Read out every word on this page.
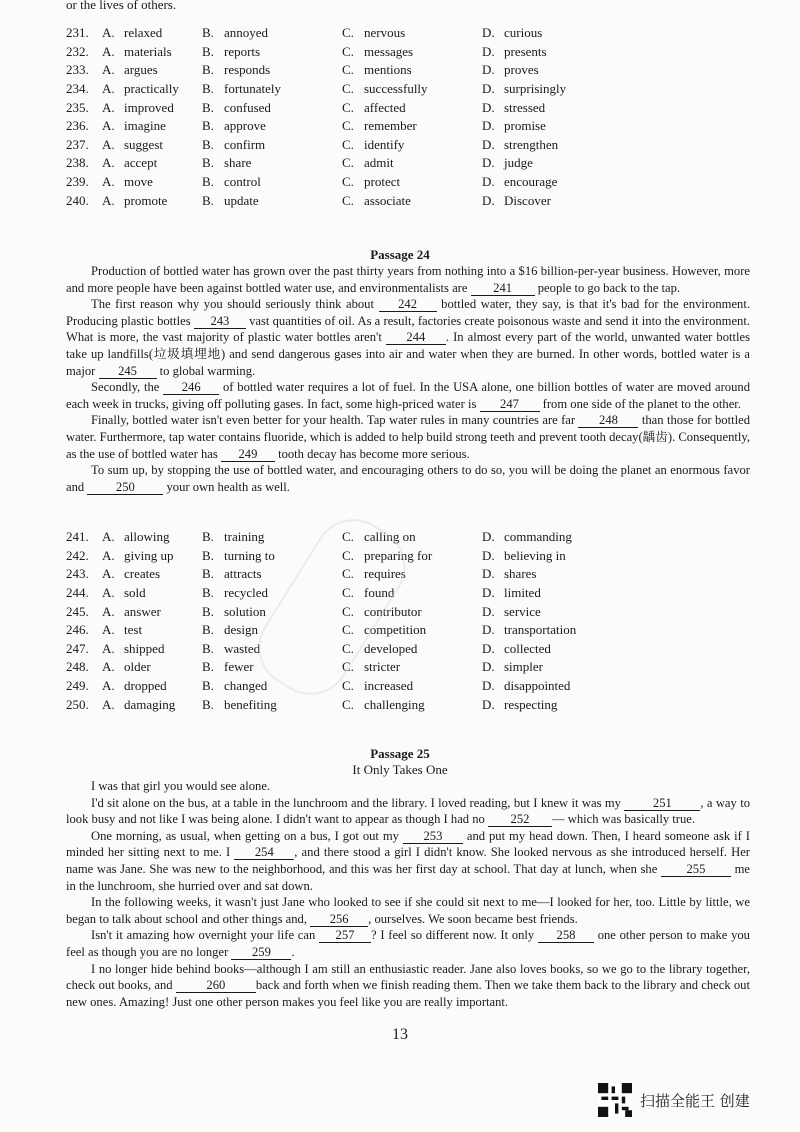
or the lives of others.
231.	A.	relaxed	B.	annoyed	C.	nervous	D.	curious
232.	A.	materials	B.	reports	C.	messages	D.	presents
233.	A.	argues	B.	responds	C.	mentions	D.	proves
234.	A.	practically	B.	fortunately	C.	successfully	D.	surprisingly
235.	A.	improved	B.	confused	C.	affected	D.	stressed
236.	A.	imagine	B.	approve	C.	remember	D.	promise
237.	A.	suggest	B.	confirm	C.	identify	D.	strengthen
238.	A.	accept	B.	share	C.	admit	D.	judge
239.	A.	move	B.	control	C.	protect	D.	encourage
240.	A.	promote	B.	update	C.	associate	D.	Discover
Passage 24

Production of bottled water has grown over the past thirty years from nothing into a $16 billion-per-year business. However, more and more people have been against bottled water use, and environmentalists are 241 people to go back to the tap.

The first reason why you should seriously think about 242 bottled water, they say, is that it's bad for the environment. Producing plastic bottles 243 vast quantities of oil. As a result, factories create poisonous waste and send it into the environment. What is more, the vast majority of plastic water bottles aren't 244 . In almost every part of the world, unwanted water bottles take up landfills(垃圾填埋地) and send dangerous gases into air and water when they are burned. In other words, bottled water is a major 245 to global warming.

Secondly, the 246 of bottled water requires a lot of fuel. In the USA alone, one billion bottles of water are moved around each week in trucks, giving off polluting gases. In fact, some high-priced water is 247 from one side of the planet to the other.

Finally, bottled water isn't even better for your health. Tap water rules in many countries are far 248 than those for bottled water. Furthermore, tap water contains fluoride, which is added to help build strong teeth and prevent tooth decay(龋齿). Consequently, as the use of bottled water has 249 tooth decay has become more serious.

To sum up, by stopping the use of bottled water, and encouraging others to do so, you will be doing the planet an enormous favor and 250 your own health as well.

241.	A.	allowing	B.	training	C.	calling on	D.	commanding
242.	A.	giving up	B.	turning to	C.	preparing for	D.	believing in
243.	A.	creates	B.	attracts	C.	requires	D.	shares
244.	A.	sold	B.	recycled	C.	found	D.	limited
245.	A.	answer	B.	solution	C.	contributor	D.	service
246.	A.	test	B.	design	C.	competition	D.	transportation
247.	A.	shipped	B.	wasted	C.	developed	D.	collected
248.	A.	older	B.	fewer	C.	stricter	D.	simpler
249.	A.	dropped	B.	changed	C.	increased	D.	disappointed
250.	A.	damaging	B.	benefiting	C.	challenging	D.	respecting
Passage 25
It Only Takes One

I was that girl you would see alone.

I'd sit alone on the bus, at a table in the lunchroom and the library. I loved reading, but I knew it was my 251 , a way to look busy and not like I was being alone. I didn't want to appear as though I had no 252 — which was basically true.

One morning, as usual, when getting on a bus, I got out my 253 and put my head down. Then, I heard someone ask if I minded her sitting next to me. I 254 , and there stood a girl I didn't know. She looked nervous as she introduced herself. Her name was Jane. She was new to the neighborhood, and this was her first day at school. That day at lunch, when she 255 me in the lunchroom, she hurried over and sat down.

In the following weeks, it wasn't just Jane who looked to see if she could sit next to me—I looked for her, too. Little by little, we began to talk about school and other things and, 256 , ourselves. We soon became best friends.

Isn't it amazing how overnight your life can 257 ? I feel so different now. It only 258 one other person to make you feel as though you are no longer 259 .

I no longer hide behind books—although I am still an enthusiastic reader. Jane also loves books, so we go to the library together, check out books, and 260 back and forth when we finish reading them. Then we take them back to the library and check out new ones. Amazing! Just one other person makes you feel like you are really important.

13
扫描全能王 创建
